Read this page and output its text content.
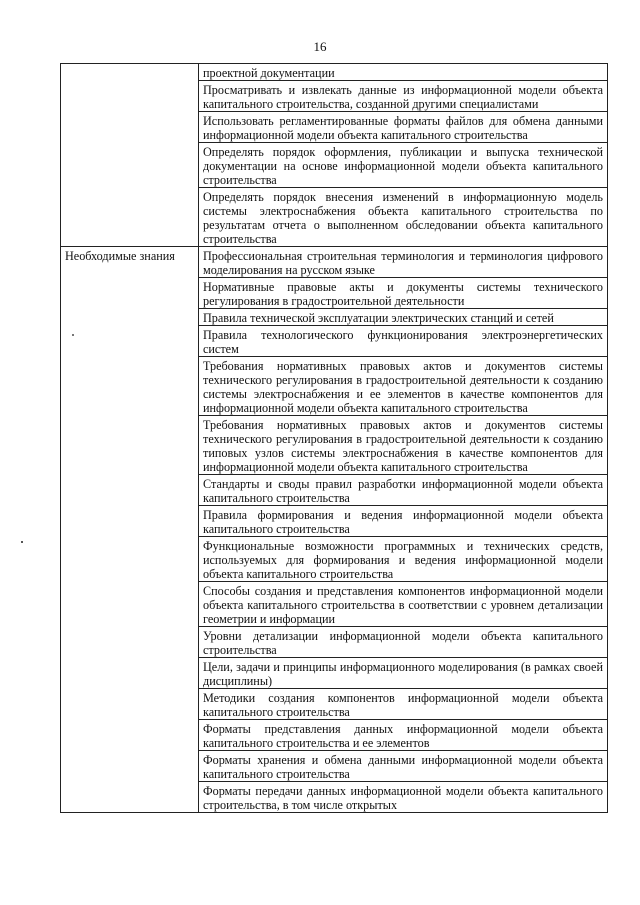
16
	проектной документации
	Просматривать и извлекать данные из информационной модели объекта капитального строительства, созданной другими специалистами
	Использовать регламентированные форматы файлов для обмена данными информационной модели объекта капитального строительства
	Определять порядок оформления, публикации и выпуска технической документации на основе информационной модели объекта капитального строительства
	Определять порядок внесения изменений в информационную модель системы электроснабжения объекта капитального строительства по результатам отчета о выполненном обследовании объекта капитального строительства
Необходимые знания	Профессиональная строительная терминология и терминология цифрового моделирования на русском языке
	Нормативные правовые акты и документы системы технического регулирования в градостроительной деятельности
	Правила технической эксплуатации электрических станций и сетей
	Правила технологического функционирования электроэнергетических систем
	Требования нормативных правовых актов и документов системы технического регулирования в градостроительной деятельности к созданию системы электроснабжения и ее элементов в качестве компонентов для информационной модели объекта капитального строительства
	Требования нормативных правовых актов и документов системы технического регулирования в градостроительной деятельности к созданию типовых узлов системы электроснабжения в качестве компонентов для информационной модели объекта капитального строительства
	Стандарты и своды правил разработки информационной модели объекта капитального строительства
	Правила формирования и ведения информационной модели объекта капитального строительства
	Функциональные возможности программных и технических средств, используемых для формирования и ведения информационной модели объекта капитального строительства
	Способы создания и представления компонентов информационной модели объекта капитального строительства в соответствии с уровнем детализации геометрии и информации
	Уровни детализации информационной модели объекта капитального строительства
	Цели, задачи и принципы информационного моделирования (в рамках своей дисциплины)
	Методики создания компонентов информационной модели объекта капитального строительства
	Форматы представления данных информационной модели объекта капитального строительства и ее элементов
	Форматы хранения и обмена данными информационной модели объекта капитального строительства
	Форматы передачи данных информационной модели объекта капитального строительства, в том числе открытых
